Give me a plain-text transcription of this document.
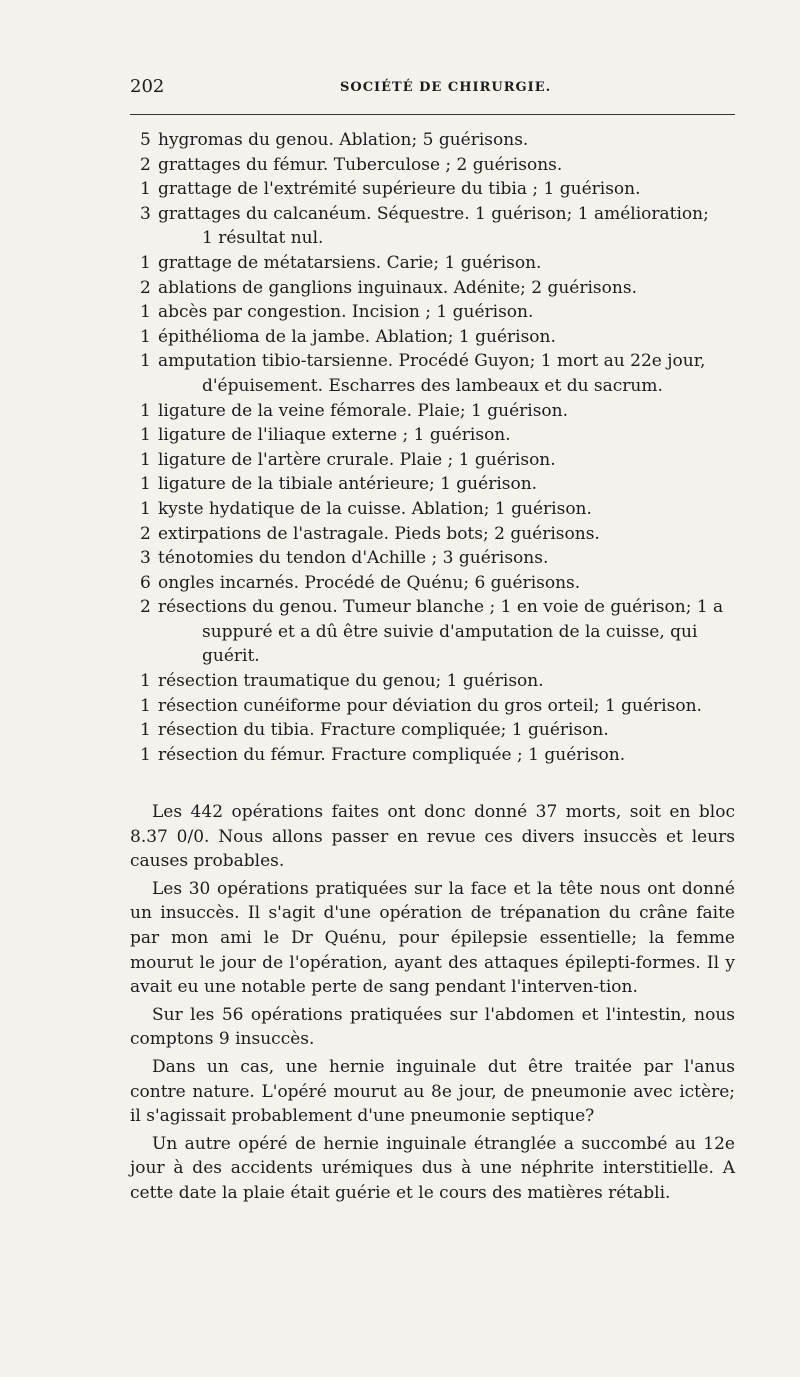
202	SOCIÉTÉ DE CHIRURGIE.
5 hygromas du genou. Ablation; 5 guérisons.
2 grattages du fémur. Tuberculose ; 2 guérisons.
1 grattage de l'extrémité supérieure du tibia ; 1 guérison.
3 grattages du calcanéum. Séquestre. 1 guérison; 1 amélioration;
1 résultat nul.
1 grattage de métatarsiens. Carie; 1 guérison.
2 ablations de ganglions inguinaux. Adénite; 2 guérisons.
1 abcès par congestion. Incision ; 1 guérison.
1 épithélioma de la jambe. Ablation; 1 guérison.
1 amputation tibio-tarsienne. Procédé Guyon; 1 mort au 22e jour,
d'épuisement. Escharres des lambeaux et du sacrum.
1 ligature de la veine fémorale. Plaie; 1 guérison.
1 ligature de l'iliaque externe ; 1 guérison.
1 ligature de l'artère crurale. Plaie ; 1 guérison.
1 ligature de la tibiale antérieure; 1 guérison.
1 kyste hydatique de la cuisse. Ablation; 1 guérison.
2 extirpations de l'astragale. Pieds bots; 2 guérisons.
3 ténotomies du tendon d'Achille ; 3 guérisons.
6 ongles incarnés. Procédé de Quénu; 6 guérisons.
2 résections du genou. Tumeur blanche ; 1 en voie de guérison; 1 a
suppuré et a dû être suivie d'amputation de la cuisse, qui
guérit.
1 résection traumatique du genou; 1 guérison.
1 résection cunéiforme pour déviation du gros orteil; 1 guérison.
1 résection du tibia. Fracture compliquée; 1 guérison.
1 résection du fémur. Fracture compliquée ; 1 guérison.

Les 442 opérations faites ont donc donné 37 morts, soit en bloc 8.37 0/0. Nous allons passer en revue ces divers insuccès et leurs causes probables.

Les 30 opérations pratiquées sur la face et la tête nous ont donné un insuccès. Il s'agit d'une opération de trépanation du crâne faite par mon ami le Dr Quénu, pour épilepsie essentielle; la femme mourut le jour de l'opération, ayant des attaques épilepti-formes. Il y avait eu une notable perte de sang pendant l'interven-tion.

Sur les 56 opérations pratiquées sur l'abdomen et l'intestin, nous comptons 9 insuccès.

Dans un cas, une hernie inguinale dut être traitée par l'anus contre nature. L'opéré mourut au 8e jour, de pneumonie avec ictère; il s'agissait probablement d'une pneumonie septique?

Un autre opéré de hernie inguinale étranglée a succombé au 12e jour à des accidents urémiques dus à une néphrite interstitielle. A cette date la plaie était guérie et le cours des matières rétabli.
